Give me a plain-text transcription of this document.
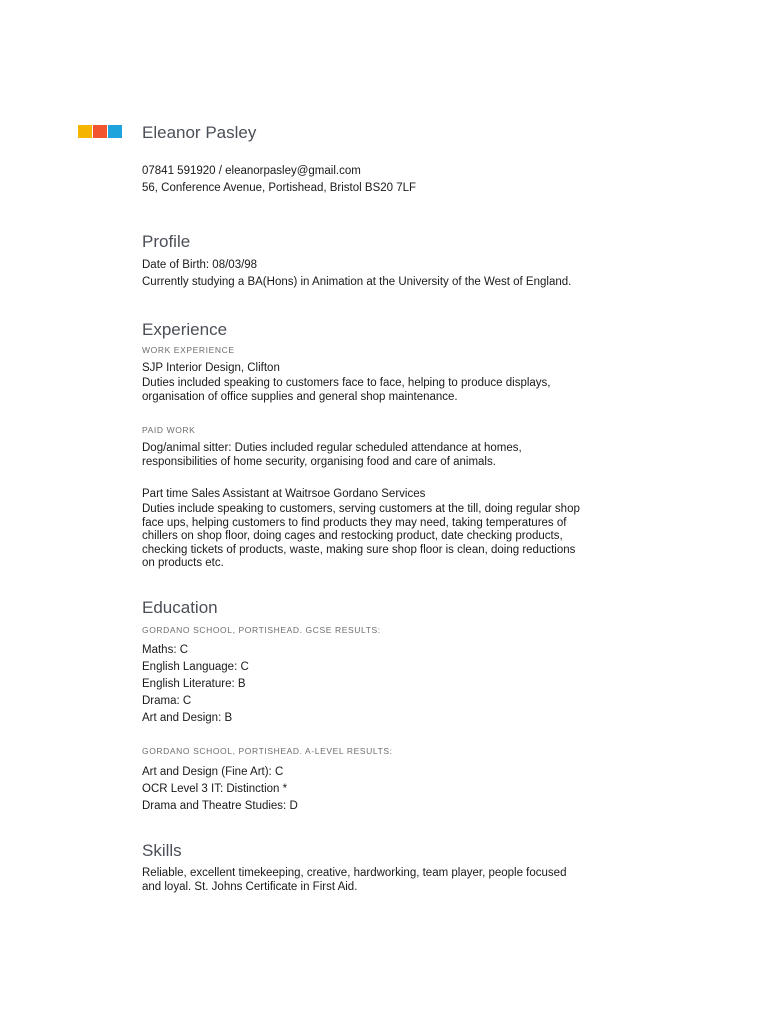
Eleanor Pasley
07841 591920 / eleanorpasley@gmail.com
56, Conference Avenue, Portishead, Bristol BS20 7LF
Profile
Date of Birth: 08/03/98
Currently studying a BA(Hons) in Animation at the University of the West of England.
Experience
WORK EXPERIENCE
SJP Interior Design, Clifton
Duties included speaking to customers face to face, helping to produce displays,
organisation of office supplies and general shop maintenance.
PAID WORK
Dog/animal sitter: Duties included regular scheduled attendance at homes,
responsibilities of home security, organising food and care of animals.
Part time Sales Assistant at Waitrsoe Gordano Services
Duties include speaking to customers, serving customers at the till, doing regular shop
face ups, helping customers to find products they may need, taking temperatures of
chillers on shop floor, doing cages and restocking product, date checking products,
checking tickets of products, waste, making sure shop floor is clean, doing reductions
on products etc.
Education
GORDANO SCHOOL, PORTISHEAD. GCSE RESULTS:
Maths: C
English Language: C
English Literature: B
Drama: C
Art and Design: B
GORDANO SCHOOL, PORTISHEAD. A-LEVEL RESULTS:
Art and Design (Fine Art): C
OCR Level 3 IT: Distinction *
Drama and Theatre Studies: D
Skills
Reliable, excellent timekeeping, creative, hardworking, team player, people focused
and loyal. St. Johns Certificate in First Aid.
